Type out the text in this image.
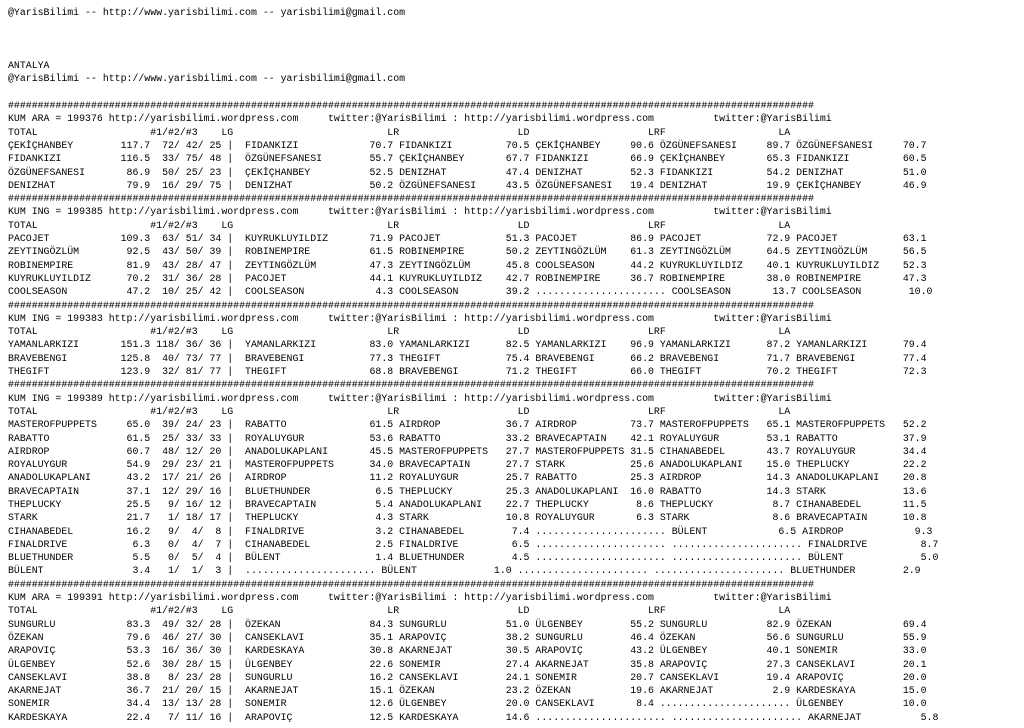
@YarisBilimi -- http://www.yarisbilimi.com -- yarisbilimi@gmail.com
ANTALYA
@YarisBilimi -- http://www.yarisbilimi.com -- yarisbilimi@gmail.com
########################################################################################################################################
KUM ARA = 199376 http://yarisbilimi.wordpress.com     twitter:@YarisBilimi : http://yarisbilimi.wordpress.com          twitter:@YarisBilimi
TOTAL                   #1/#2/#3    LG                          LR                    LD                    LRF                   LA
ÇEKİÇHANBEY        117.7  72/ 42/ 25 |  FIDANKIZI            70.7 FIDANKIZI         70.5 ÇEKİÇHANBEY     90.6 ÖZGÜNEFSANESI     89.7 ÖZGÜNEFSANESI     70.7
FIDANKIZI          116.5  33/ 75/ 48 |  ÖZGÜNEFSANESI        55.7 ÇEKİÇHANBEY       67.7 FIDANKIZI       66.9 ÇEKİÇHANBEY       65.3 FIDANKIZI         60.5
ÖZGÜNEFSANESI       86.9  50/ 25/ 23 |  ÇEKİÇHANBEY          52.5 DENIZHAT          47.4 DENIZHAT        52.3 FIDANKIZI         54.2 DENIZHAT          51.0
DENIZHAT            79.9  16/ 29/ 75 |  DENIZHAT             50.2 ÖZGÜNEFSANESI     43.5 ÖZGÜNEFSANESI   19.4 DENIZHAT          19.9 ÇEKİÇHANBEY       46.9
########################################################################################################################################
KUM ING = 199385 http://yarisbilimi.wordpress.com     twitter:@YarisBilimi : http://yarisbilimi.wordpress.com          twitter:@YarisBilimi
TOTAL                   #1/#2/#3    LG                          LR                    LD                    LRF                   LA
PACOJET            109.3  63/ 51/ 34 |  KUYRUKLUYILDIZ       71.9 PACOJET           51.3 PACOJET         86.9 PACOJET           72.9 PACOJET           63.1
ZEYTINGÖZLÜM        92.5  43/ 50/ 39 |  ROBINEMPIRE          61.5 ROBINEMPIRE       50.2 ZEYTINGÖZLÜM    61.3 ZEYTINGÖZLÜM      64.5 ZEYTINGÖZLÜM      56.5
ROBINEMPIRE         81.9  43/ 28/ 47 |  ZEYTINGÖZLÜM         47.3 ZEYTINGÖZLÜM      45.8 COOLSEASON      44.2 KUYRUKLUYILDIZ    40.1 KUYRUKLUYILDIZ    52.3
KUYRUKLUYILDIZ      70.2  31/ 36/ 28 |  PACOJET              44.1 KUYRUKLUYILDIZ    42.7 ROBINEMPIRE     36.7 ROBINEMPIRE       38.0 ROBINEMPIRE       47.3
COOLSEASON          47.2  10/ 25/ 42 |  COOLSEASON            4.3 COOLSEASON        39.2 ...................... COOLSEASON       13.7 COOLSEASON        10.0
########################################################################################################################################
KUM ING = 199383 http://yarisbilimi.wordpress.com     twitter:@YarisBilimi : http://yarisbilimi.wordpress.com          twitter:@YarisBilimi
TOTAL                   #1/#2/#3    LG                          LR                    LD                    LRF                   LA
YAMANLARKIZI       151.3 118/ 36/ 36 |  YAMANLARKIZI         83.0 YAMANLARKIZI      82.5 YAMANLARKIZI    96.9 YAMANLARKIZI      87.2 YAMANLARKIZI      79.4
BRAVEBENGI         125.8  40/ 73/ 77 |  BRAVEBENGI           77.3 THEGIFT           75.4 BRAVEBENGI      66.2 BRAVEBENGI        71.7 BRAVEBENGI        77.4
THEGIFT            123.9  32/ 81/ 77 |  THEGIFT              68.8 BRAVEBENGI        71.2 THEGIFT         66.0 THEGIFT           70.2 THEGIFT           72.3
########################################################################################################################################
KUM ING = 199389 http://yarisbilimi.wordpress.com     twitter:@YarisBilimi : http://yarisbilimi.wordpress.com          twitter:@YarisBilimi
TOTAL                   #1/#2/#3    LG                          LR                    LD                    LRF                   LA
MASTEROFPUPPETS     65.0  39/ 24/ 23 |  RABATTO              61.5 AIRDROP           36.7 AIRDROP         73.7 MASTEROFPUPPETS   65.1 MASTEROFPUPPETS   52.2
RABATTO             61.5  25/ 33/ 33 |  ROYALUYGUR           53.6 RABATTO           33.2 BRAVECAPTAIN    42.1 ROYALUYGUR        53.1 RABATTO           37.9
AIRDROP             60.7  48/ 12/ 20 |  ANADOLUKAPLANI       45.5 MASTEROFPUPPETS   27.7 MASTEROFPUPPETS 31.5 CIHANABEDEL       43.7 ROYALUYGUR        34.4
ROYALUYGUR          54.9  29/ 23/ 21 |  MASTEROFPUPPETS      34.0 BRAVECAPTAIN      27.7 STARK           25.6 ANADOLUKAPLANI    15.0 THEPLUCKY         22.2
ANADOLUKAPLANI      43.2  17/ 21/ 26 |  AIRDROP              11.2 ROYALUYGUR        25.7 RABATTO         25.3 AIRDROP           14.3 ANADOLUKAPLANI    20.8
BRAVECAPTAIN        37.1  12/ 29/ 16 |  BLUETHUNDER           6.5 THEPLUCKY         25.3 ANADOLUKAPLANI  16.0 RABATTO           14.3 STARK             13.6
THEPLUCKY           25.5   9/ 16/ 12 |  BRAVECAPTAIN          5.4 ANADOLUKAPLANI    22.7 THEPLUCKY        8.6 THEPLUCKY          8.7 CIHANABEDEL       11.5
STARK               21.7   1/ 18/ 17 |  THEPLUCKY             4.3 STARK             10.8 ROYALUYGUR       6.3 STARK              8.6 BRAVECAPTAIN      10.8
CIHANABEDEL         16.2   9/  4/  8 |  FINALDRIVE            3.2 CIHANABEDEL        7.4 ...................... BÜLENT            6.5 AIRDROP            9.3
FINALDRIVE           6.3   0/  4/  7 |  CIHANABEDEL           2.5 FINALDRIVE         6.5 ...................... ...................... FINALDRIVE         8.7
BLUETHUNDER          5.5   0/  5/  4 |  BÜLENT                1.4 BLUETHUNDER        4.5 ...................... ...................... BÜLENT             5.0
BÜLENT               3.4   1/  1/  3 |  ...................... BÜLENT             1.0 ...................... ...................... BLUETHUNDER        2.9
########################################################################################################################################
KUM ARA = 199391 http://yarisbilimi.wordpress.com     twitter:@YarisBilimi : http://yarisbilimi.wordpress.com          twitter:@YarisBilimi
TOTAL                   #1/#2/#3    LG                          LR                    LD                    LRF                   LA
SUNGURLU            83.3  49/ 32/ 28 |  ÖZEKAN               84.3 SUNGURLU          51.0 ÜLGENBEY        55.2 SUNGURLU          82.9 ÖZEKAN            69.4
ÖZEKAN              79.6  46/ 27/ 30 |  CANSEKLAVI           35.1 ARAPOVIÇ          38.2 SUNGURLU        46.4 ÖZEKAN            56.6 SUNGURLU          55.9
ARAPOVIÇ            53.3  16/ 36/ 30 |  KARDESKAYA           30.8 AKARNEJAT         30.5 ARAPOVIÇ        43.2 ÜLGENBEY          40.1 SONEMIR           33.0
ÜLGENBEY            52.6  30/ 28/ 15 |  ÜLGENBEY             22.6 SONEMIR           27.4 AKARNEJAT       35.8 ARAPOVIÇ          27.3 CANSEKLAVI        20.1
CANSEKLAVI          38.8   8/ 23/ 28 |  SUNGURLU             16.2 CANSEKLAVI        24.1 SONEMIR         20.7 CANSEKLAVI        19.4 ARAPOVIÇ          20.0
AKARNEJAT           36.7  21/ 20/ 15 |  AKARNEJAT            15.1 ÖZEKAN            23.2 ÖZEKAN          19.6 AKARNEJAT          2.9 KARDESKAYA        15.0
SONEMIR             34.4  13/ 13/ 28 |  SONEMIR              12.6 ÜLGENBEY          20.0 CANSEKLAVI       8.4 ...................... ÜLGENBEY          10.0
KARDESKAYA          22.4   7/ 11/ 16 |  ARAPOVIÇ             12.5 KARDESKAYA        14.6 ...................... ...................... AKARNEJAT          5.8
